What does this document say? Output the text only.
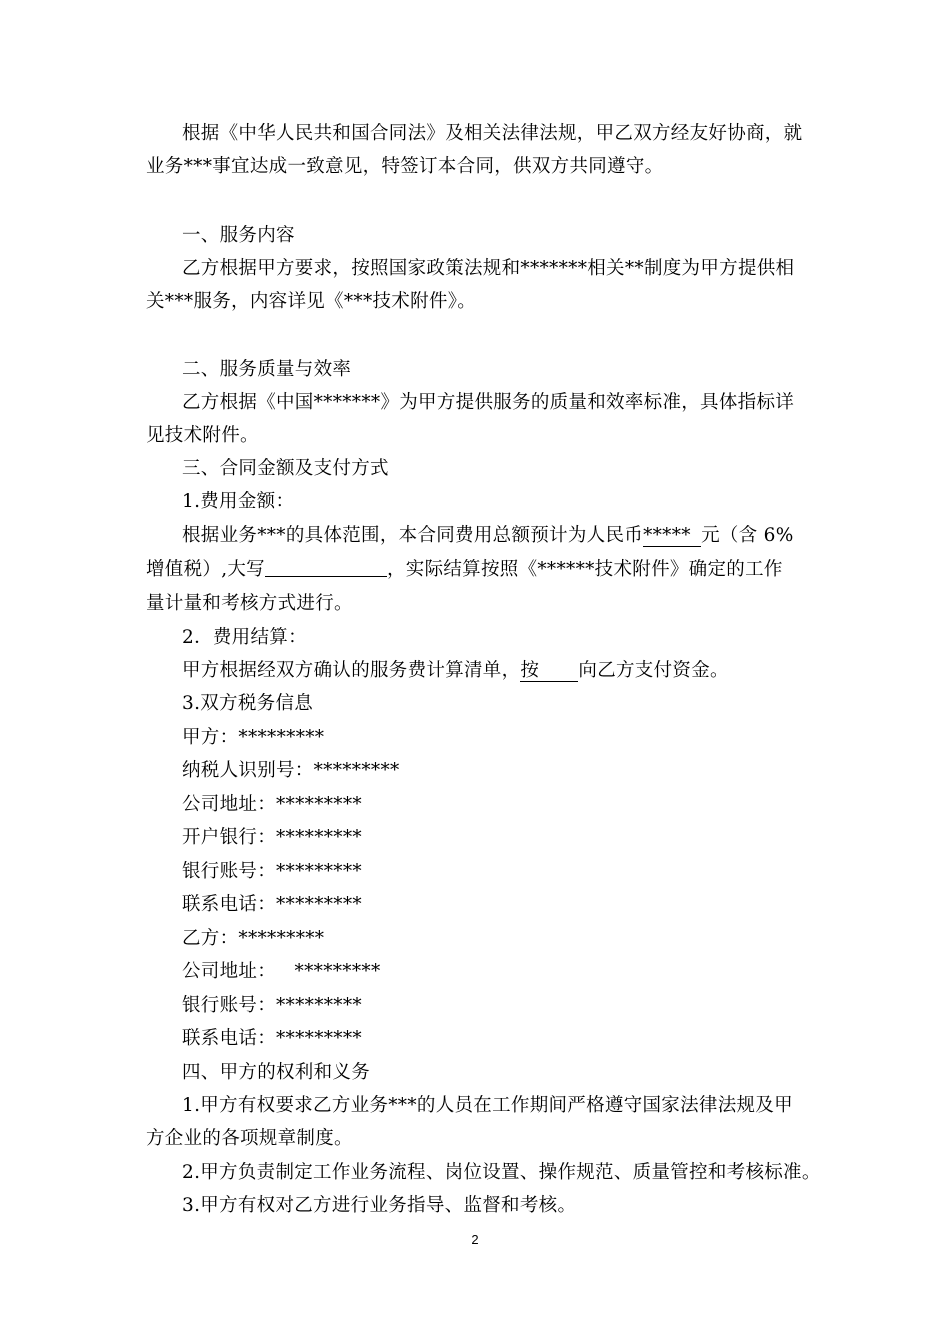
根据《中华人民共和国合同法》及相关法律法规，甲乙双方经友好协商，就
业务***事宜达成一致意见，特签订本合同，供双方共同遵守。
一、服务内容
乙方根据甲方要求，按照国家政策法规和*******相关**制度为甲方提供相
关***服务，内容详见《***技术附件》。
二、服务质量与效率
乙方根据《中国*******》为甲方提供服务的质量和效率标准，具体指标详
见技术附件。
三、合同金额及支付方式
1.费用金额：
根据业务***的具体范围，本合同费用总额预计为人民币***** 元（含 6%
增值税）,大写	，实际结算按照《******技术附件》确定的工作
量计量和考核方式进行。
2．费用结算：
甲方根据经双方确认的服务费计算清单，按 向乙方支付资金。
3.双方税务信息
甲方：*********
纳税人识别号：*********
公司地址：*********
开户银行：*********
银行账号：*********
联系电话：*********
乙方：*********
公司地址：   *********
银行账号：*********
联系电话：*********
四、甲方的权利和义务
1.甲方有权要求乙方业务***的人员在工作期间严格遵守国家法律法规及甲
方企业的各项规章制度。
2.甲方负责制定工作业务流程、岗位设置、操作规范、质量管控和考核标准。
3.甲方有权对乙方进行业务指导、监督和考核。
2
